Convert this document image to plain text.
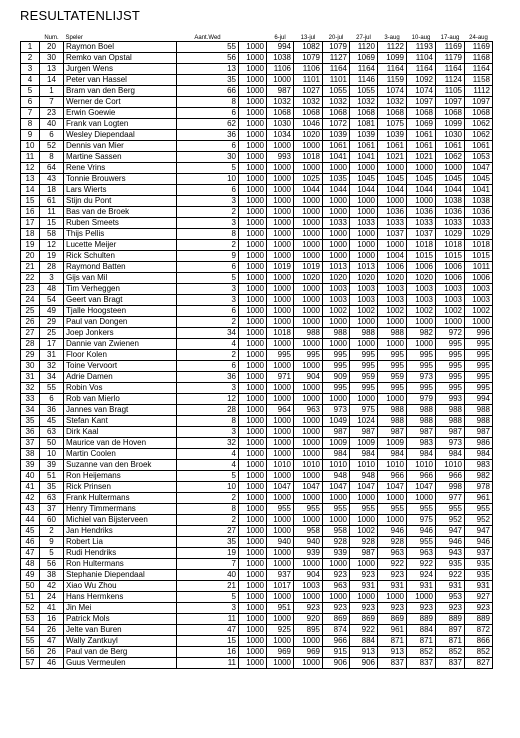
RESULTATENLIJST
	Num.	Speler	Aant.Wed		6-jul	13-jul	20-jul	27-jul	3-aug	10-aug	17-aug	24-aug
1	20	Raymon Boel	55	1000	994	1082	1079	1120	1122	1193	1169	1169
2	30	Remko van Opstal	56	1000	1038	1079	1127	1069	1099	1104	1179	1168
3	13	Jurgen Wens	13	1000	1106	1106	1164	1164	1164	1164	1164	1164
4	14	Peter van Hassel	35	1000	1000	1101	1101	1146	1159	1092	1124	1158
5	1	Bram van den Berg	66	1000	987	1027	1055	1055	1074	1074	1105	1112
6	7	Werner de Cort	8	1000	1032	1032	1032	1032	1032	1097	1097	1097
7	23	Erwin Goewie	6	1000	1068	1068	1068	1068	1068	1068	1068	1068
8	40	Frank van Logten	62	1000	1030	1046	1072	1081	1075	1069	1099	1062
9	6	Wesley Diependaal	36	1000	1034	1020	1039	1039	1039	1061	1030	1062
10	52	Dennis van Mier	6	1000	1000	1000	1061	1061	1061	1061	1061	1061
11	8	Martine Sassen	30	1000	993	1018	1041	1041	1021	1021	1062	1053
12	64	Rene Vrins	5	1000	1000	1000	1000	1000	1000	1000	1000	1047
13	43	Tonnie Brouwers	10	1000	1000	1025	1035	1045	1045	1045	1045	1045
14	18	Lars Wierts	6	1000	1000	1044	1044	1044	1044	1044	1044	1041
15	61	Stijn du Pont	3	1000	1000	1000	1000	1000	1000	1000	1038	1038
16	11	Bas van de Broek	2	1000	1000	1000	1000	1000	1036	1036	1036	1036
17	15	Ruben Smeets	3	1000	1000	1000	1033	1033	1033	1033	1033	1033
18	58	Thijs Pellis	8	1000	1000	1000	1000	1000	1037	1037	1029	1029
19	12	Lucette Meijer	2	1000	1000	1000	1000	1000	1000	1018	1018	1018
20	19	Rick Schulten	9	1000	1000	1000	1000	1000	1004	1015	1015	1015
21	28	Raymond Batten	6	1000	1019	1019	1013	1013	1006	1006	1006	1011
22	3	Gijs van Mil	5	1000	1000	1020	1020	1020	1020	1020	1006	1006
23	48	Tim Verheggen	3	1000	1000	1000	1003	1003	1003	1003	1003	1003
24	54	Geert van Bragt	3	1000	1000	1000	1003	1003	1003	1003	1003	1003
25	49	Tjalle Hoogsteen	6	1000	1000	1000	1002	1002	1002	1002	1002	1002
26	29	Paul van Dongen	2	1000	1000	1000	1000	1000	1000	1000	1000	1000
27	25	Joep Jonkers	34	1000	1018	988	988	988	988	982	972	996
28	17	Dannie van Zwienen	4	1000	1000	1000	1000	1000	1000	1000	995	995
29	31	Floor Kolen	2	1000	995	995	995	995	995	995	995	995
30	32	Toine Vervoort	6	1000	1000	1000	995	995	995	995	995	995
31	34	Adrie Damen	36	1000	971	904	909	959	959	973	995	995
32	55	Robin Vos	3	1000	1000	1000	995	995	995	995	995	995
33	6	Rob van Mierlo	12	1000	1000	1000	1000	1000	1000	979	993	994
34	36	Jannes van Bragt	28	1000	964	963	973	975	988	988	988	988
35	45	Stefan Kant	8	1000	1000	1000	1049	1024	988	988	988	988
36	63	Dirk Kaal	3	1000	1000	1000	987	987	987	987	987	987
37	50	Maurice van de Hoven	32	1000	1000	1000	1009	1009	1009	983	973	986
38	10	Martin Coolen	4	1000	1000	1000	984	984	984	984	984	984
39	39	Suzanne van den Broek	4	1000	1010	1010	1010	1010	1010	1010	1010	983
40	51	Ron Heijemans	5	1000	1000	1000	948	948	966	966	966	982
41	35	Rick Prinsen	10	1000	1047	1047	1047	1047	1047	1047	998	978
42	63	Frank Hultermans	2	1000	1000	1000	1000	1000	1000	1000	977	961
43	37	Henry Timmermans	8	1000	955	955	955	955	955	955	955	955
44	60	Michiel van Bijsterveen	2	1000	1000	1000	1000	1000	1000	975	952	952
45	2	Jan Hendriks	27	1000	1000	958	958	1002	946	946	947	947
46	9	Robert Lia	35	1000	940	940	928	928	928	955	946	946
47	5	Rudi Hendriks	19	1000	1000	939	939	987	963	963	943	937
48	56	Ron Hultermans	7	1000	1000	1000	1000	1000	922	922	935	935
49	38	Stephanie Diependaal	40	1000	937	904	923	923	923	924	922	935
50	42	Xiao Wu Zhou	21	1000	1017	1003	963	931	931	931	931	931
51	24	Hans Hermkens	5	1000	1000	1000	1000	1000	1000	1000	953	927
52	41	Jin Mei	3	1000	951	923	923	923	923	923	923	923
53	16	Patrick Mols	11	1000	1000	920	869	869	869	889	889	889
54	26	Jelte van Buren	47	1000	925	895	874	922	961	884	897	872
55	47	Wally Zantkuyl	15	1000	1000	1000	966	884	871	871	871	866
56	26	Paul van de Berg	16	1000	969	969	915	913	913	852	852	852
57	46	Guus Vermeulen	11	1000	1000	1000	906	906	837	837	837	827
